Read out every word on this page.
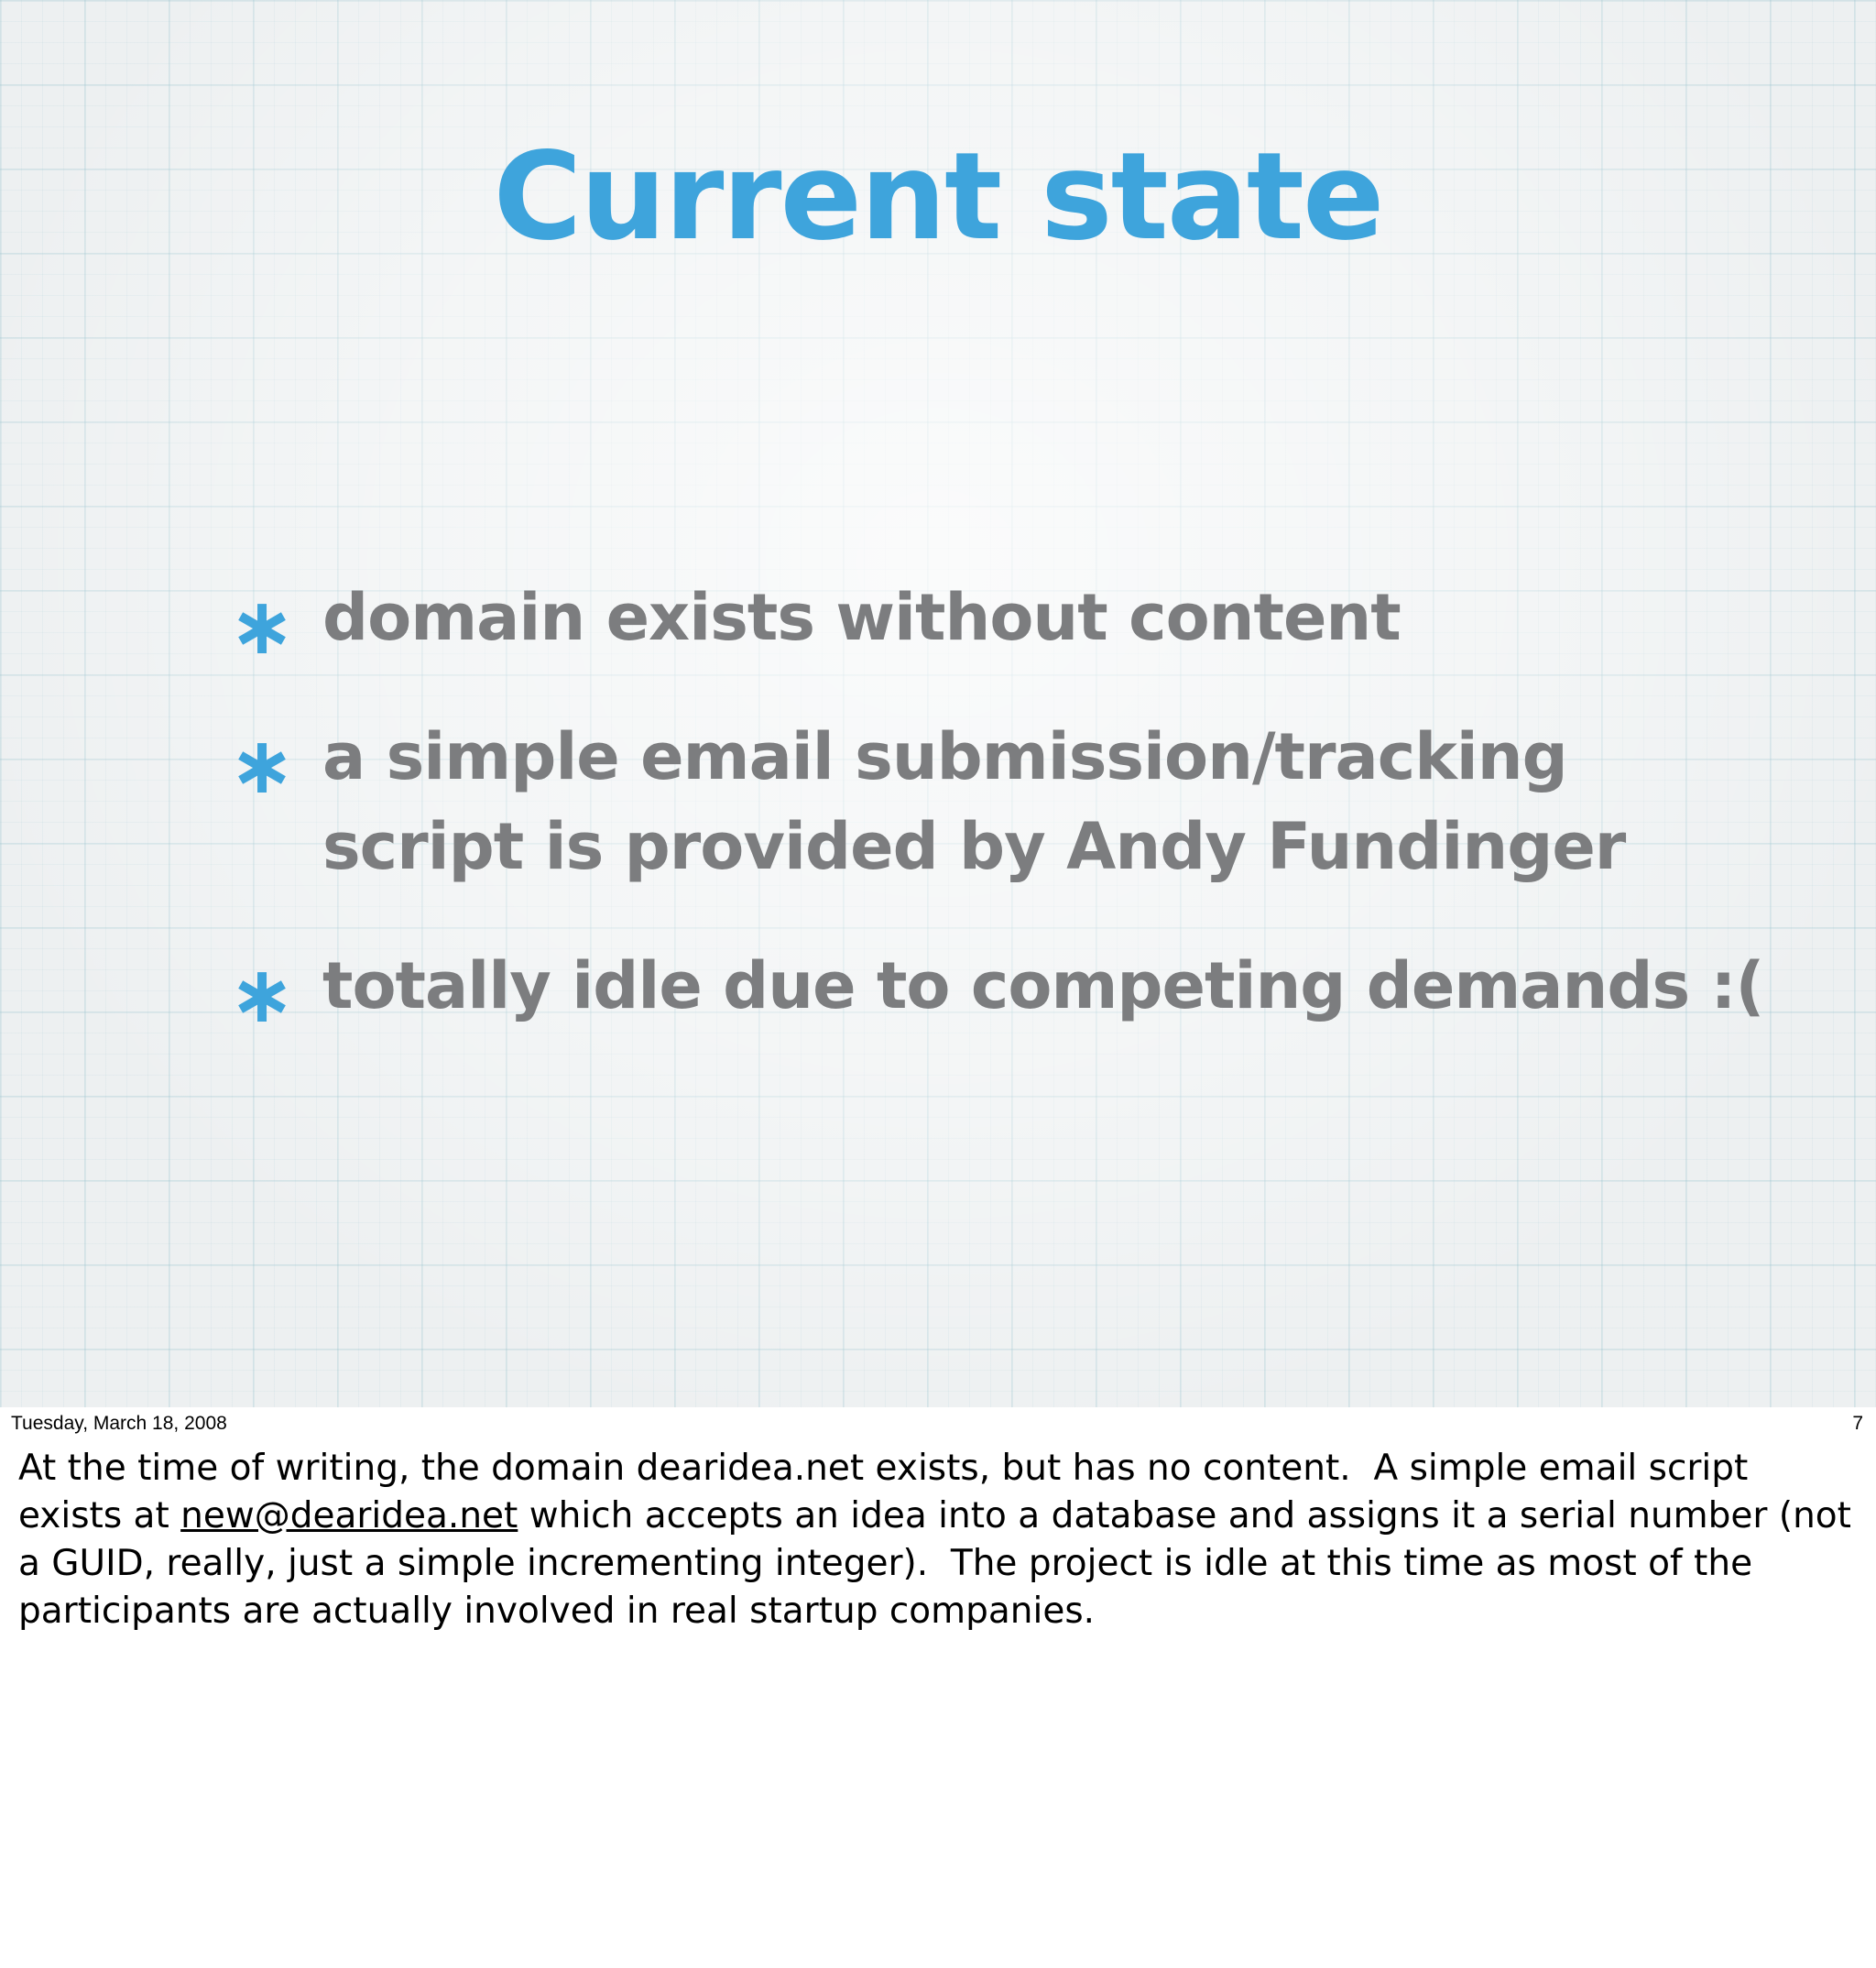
Current state
∗ domain exists without content
∗ a simple email submission/tracking script is provided by Andy Fundinger
∗ totally idle due to competing demands :(
Tuesday, March 18, 2008	7

At the time of writing, the domain dearidea.net exists, but has no content.  A simple email script exists at new@dearidea.net which accepts an idea into a database and assigns it a serial number (not a GUID, really, just a simple incrementing integer).  The project is idle at this time as most of the participants are actually involved in real startup companies.
